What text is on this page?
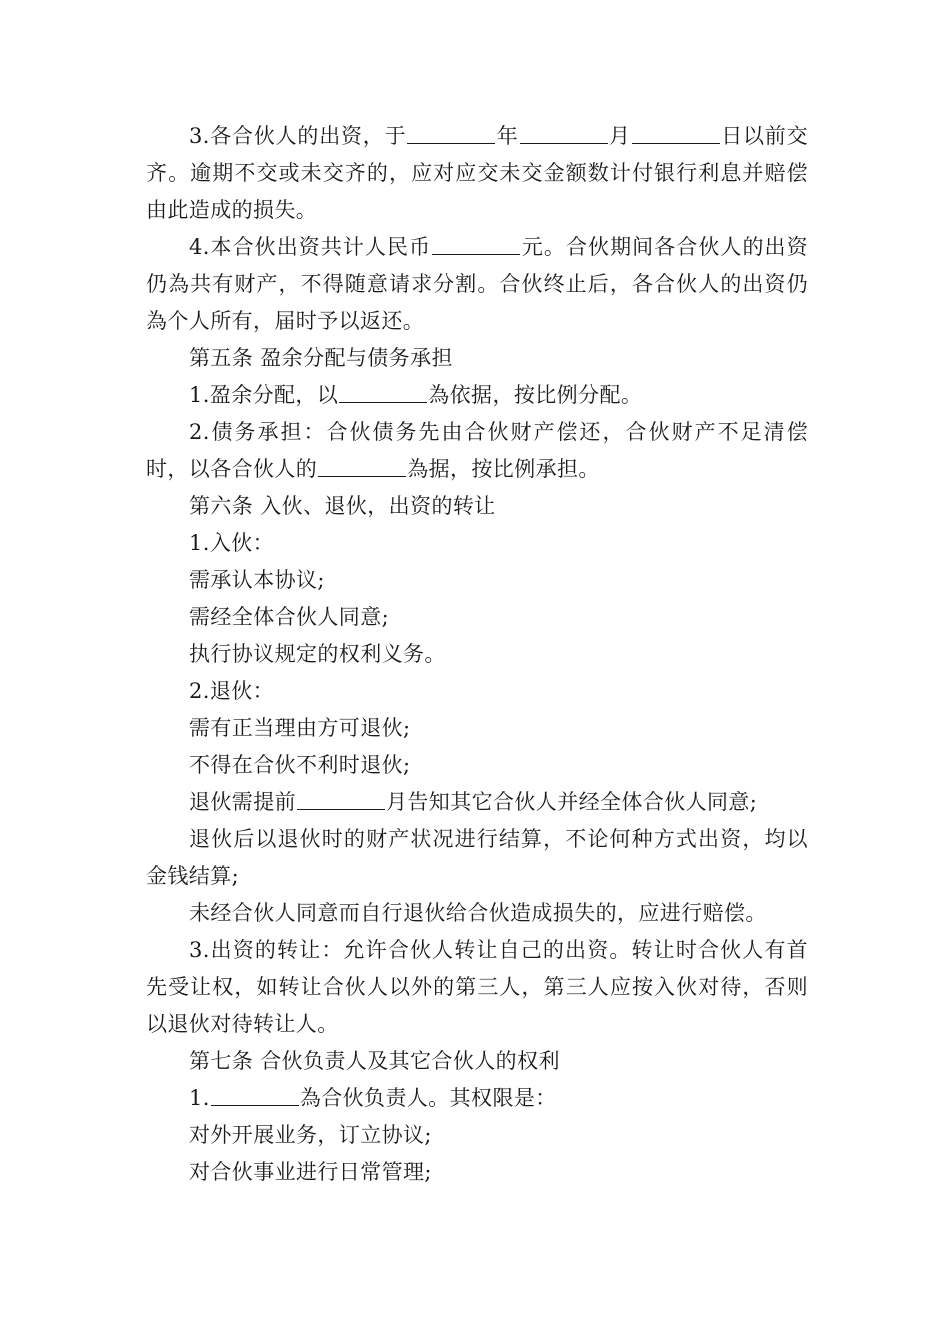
3.各合伙人的出资，于	年	月	日以前交齐。逾期不交或未交齐的，应对应交未交金额数计付银行利息并赔偿由此造成的损失。

4.本合伙出资共计人民币	元。合伙期间各合伙人的出资仍為共有财产，不得随意请求分割。合伙终止后，各合伙人的出资仍為个人所有，届时予以返还。

第五条 盈余分配与债务承担

1.盈余分配，以	為依据，按比例分配。

2.债务承担：合伙债务先由合伙财产偿还，合伙财产不足清偿时，以各合伙人的	為据，按比例承担。

第六条 入伙、退伙，出资的转让

1.入伙：

需承认本协议;

需经全体合伙人同意;

执行协议规定的权利义务。

2.退伙：

需有正当理由方可退伙;

不得在合伙不利时退伙;

退伙需提前	月告知其它合伙人并经全体合伙人同意;

退伙后以退伙时的财产状况进行结算，不论何种方式出资，均以金钱结算;

未经合伙人同意而自行退伙给合伙造成损失的，应进行赔偿。

3.出资的转让：允许合伙人转让自己的出资。转让时合伙人有首先受让权，如转让合伙人以外的第三人，第三人应按入伙对待，否则以退伙对待转让人。

第七条 合伙负责人及其它合伙人的权利

1.	為合伙负责人。其权限是：

对外开展业务，订立协议;

对合伙事业进行日常管理;
